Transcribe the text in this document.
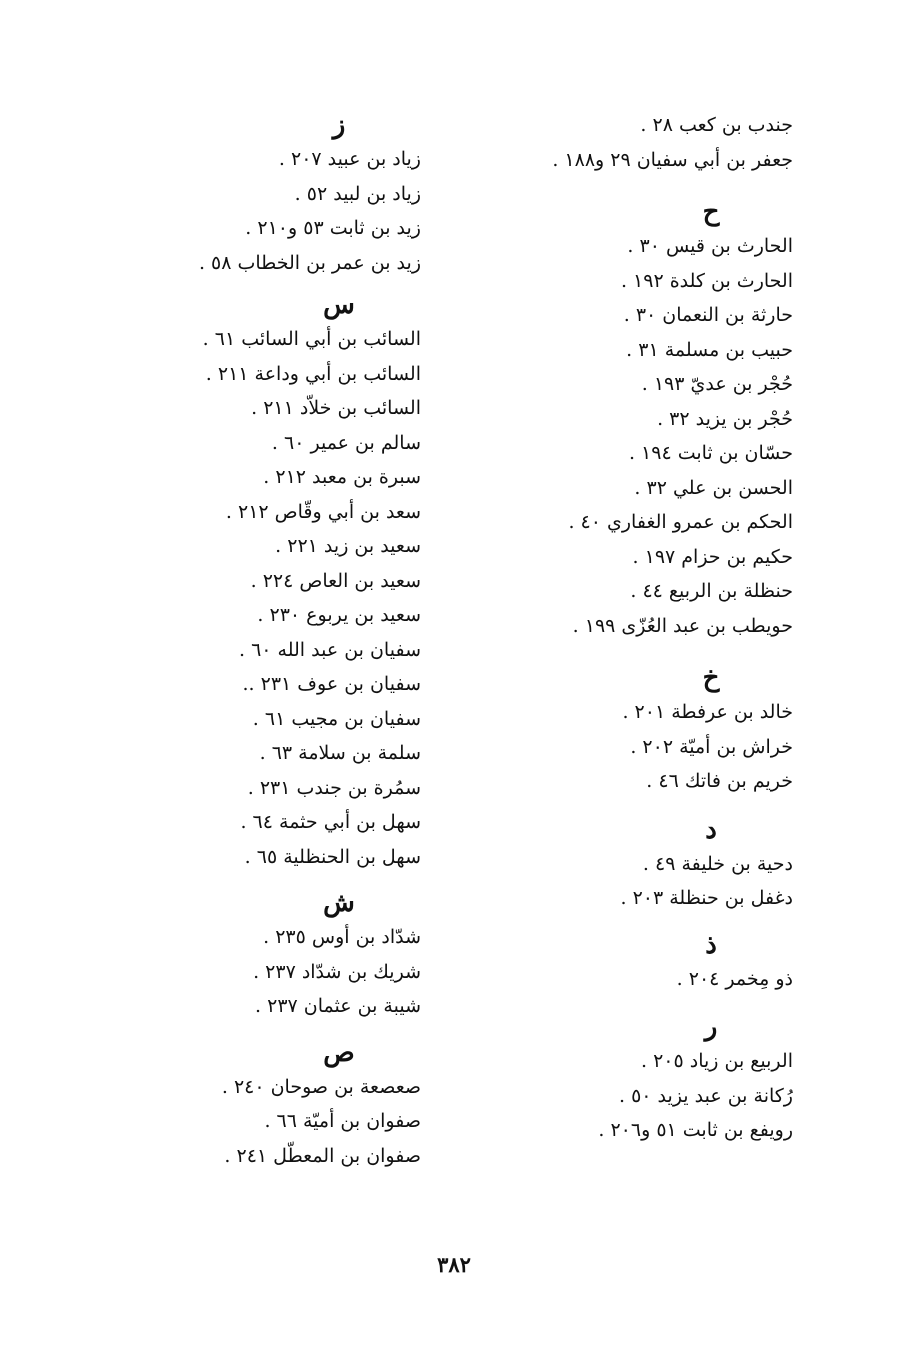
جندب بن كعب ٢٨ .
جعفر بن أبي سفيان ٢٩ و١٨٨ .
ح
الحارث بن قيس ٣٠ .
الحارث بن كلدة ١٩٢ .
حارثة بن النعمان ٣٠ .
حبيب بن مسلمة ٣١ .
حُجْر بن عديّ ١٩٣ .
حُجْر بن يزيد ٣٢ .
حسّان بن ثابت ١٩٤ .
الحسن بن علي ٣٢ .
الحكم بن عمرو الغفاري ٤٠ .
حكيم بن حزام ١٩٧ .
حنظلة بن الربيع ٤٤ .
حويطب بن عبد العُزّى ١٩٩ .
خ
خالد بن عرفطة ٢٠١ .
خراش بن أميّة ٢٠٢ .
خريم بن فاتك ٤٦ .
د
دحية بن خليفة ٤٩ .
دغفل بن حنظلة ٢٠٣ .
ذ
ذو مِخمر ٢٠٤ .
ر
الربيع بن زياد ٢٠٥ .
رُكانة بن عبد يزيد ٥٠ .
رويفع بن ثابت ٥١ و٢٠٦ .
ز
زياد بن عبيد ٢٠٧ .
زياد بن لبيد ٥٢ .
زيد بن ثابت ٥٣ و٢١٠ .
زيد بن عمر بن الخطاب ٥٨ .
س
السائب بن أبي السائب ٦١ .
السائب بن أبي وداعة ٢١١ .
السائب بن خلاّد ٢١١ .
سالم بن عمير ٦٠ .
سبرة بن معبد ٢١٢ .
سعد بن أبي وقّاص ٢١٢ .
سعيد بن زيد ٢٢١ .
سعيد بن العاص ٢٢٤ .
سعيد بن يربوع ٢٣٠ .
سفيان بن عبد الله ٦٠ .
سفيان بن عوف ٢٣١ ..
سفيان بن مجيب ٦١ .
سلمة بن سلامة ٦٣ .
سمُرة بن جندب ٢٣١ .
سهل بن أبي حثمة ٦٤ .
سهل بن الحنظلية ٦٥ .
ش
شدّاد بن أوس ٢٣٥ .
شريك بن شدّاد ٢٣٧ .
شيبة بن عثمان ٢٣٧ .
ص
صعصعة بن صوحان ٢٤٠ .
صفوان بن أميّة ٦٦ .
صفوان بن المعطّل ٢٤١ .
٣٨٢
